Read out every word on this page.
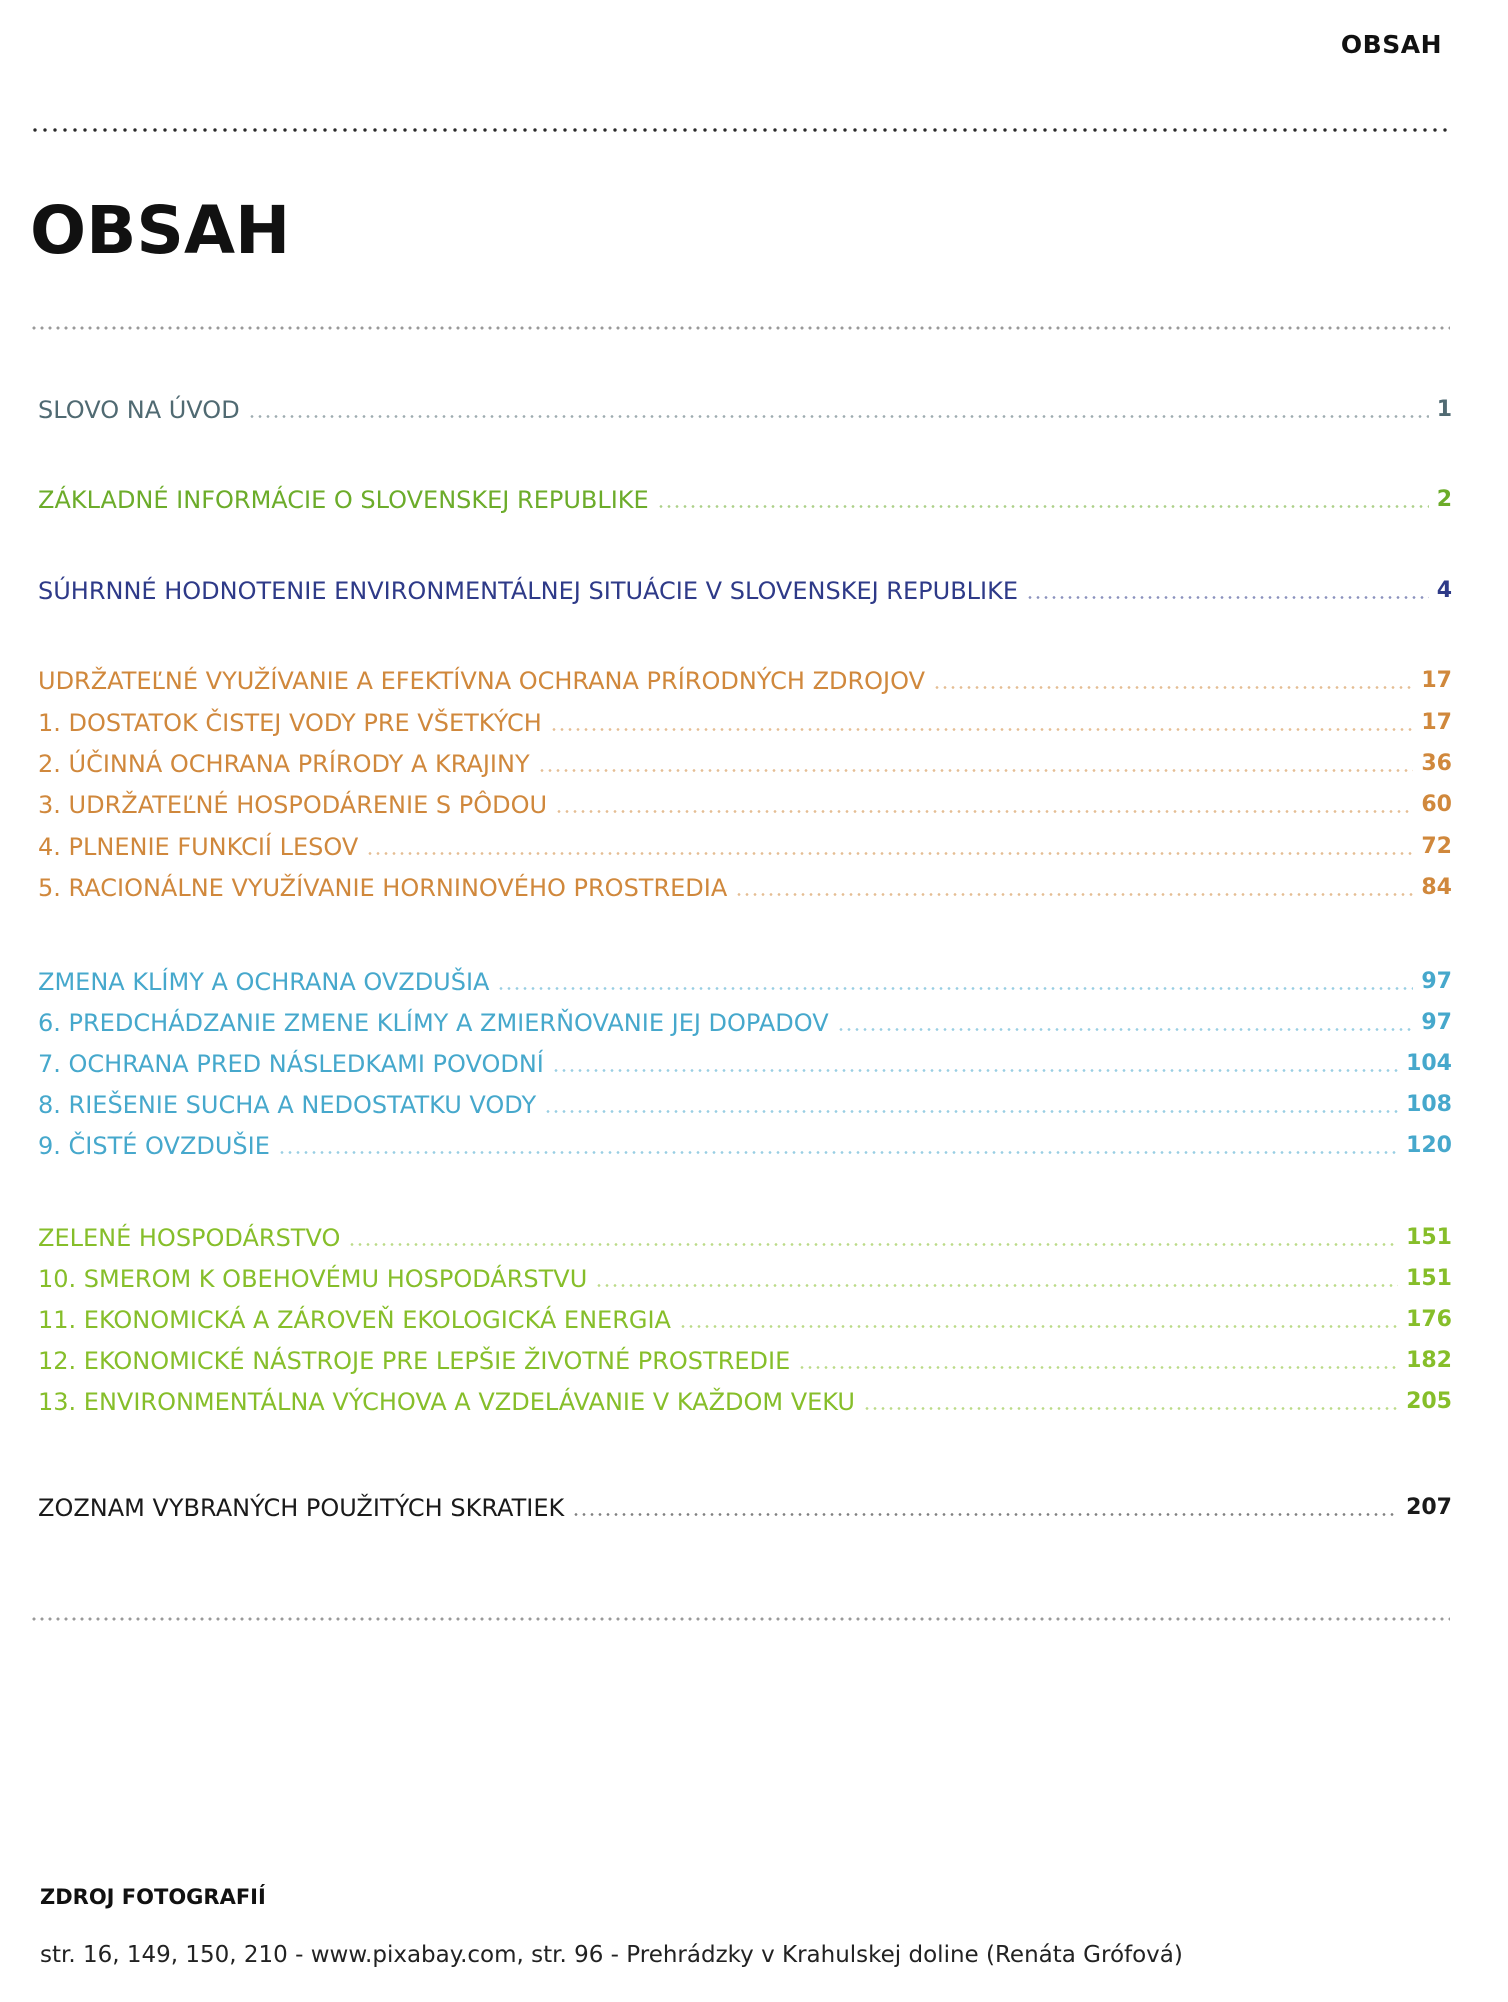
OBSAH
OBSAH
SLOVO NA ÚVOD	1
ZÁKLADNÉ INFORMÁCIE O SLOVENSKEJ REPUBLIKE	2
SÚHRNNÉ HODNOTENIE ENVIRONMENTÁLNEJ SITUÁCIE V SLOVENSKEJ REPUBLIKE	4
UDRŽATEĽNÉ VYUŽÍVANIE A EFEKTÍVNA OCHRANA PRÍRODNÝCH ZDROJOV	17
1. DOSTATOK ČISTEJ VODY PRE VŠETKÝCH	17
2. ÚČINNÁ OCHRANA PRÍRODY A KRAJINY	36
3. UDRŽATEĽNÉ HOSPODÁRENIE S PÔDOU	60
4. PLNENIE FUNKCIÍ LESOV	72
5. RACIONÁLNE VYUŽÍVANIE HORNINOVÉHO PROSTREDIA	84
ZMENA KLÍMY A OCHRANA OVZDUŠIA	97
6. PREDCHÁDZANIE ZMENE KLÍMY A ZMIERŇOVANIE JEJ DOPADOV	97
7. OCHRANA PRED NÁSLEDKAMI POVODNÍ	104
8. RIEŠENIE SUCHA A NEDOSTATKU VODY	108
9. ČISTÉ OVZDUŠIE	120
ZELENÉ HOSPODÁRSTVO	151
10. SMEROM K OBEHOVÉMU HOSPODÁRSTVU	151
11. EKONOMICKÁ A ZÁROVEŇ EKOLOGICKÁ ENERGIA	176
12. EKONOMICKÉ NÁSTROJE PRE LEPŠIE ŽIVOTNÉ PROSTREDIE	182
13. ENVIRONMENTÁLNA VÝCHOVA A VZDELÁVANIE V KAŽDOM VEKU	205
ZOZNAM VYBRANÝCH POUŽITÝCH SKRATIEK	207
ZDROJ FOTOGRAFIÍ
str. 16, 149, 150, 210 - www.pixabay.com, str. 96 - Prehrádzky v Krahulskej doline (Renáta Grófová)
